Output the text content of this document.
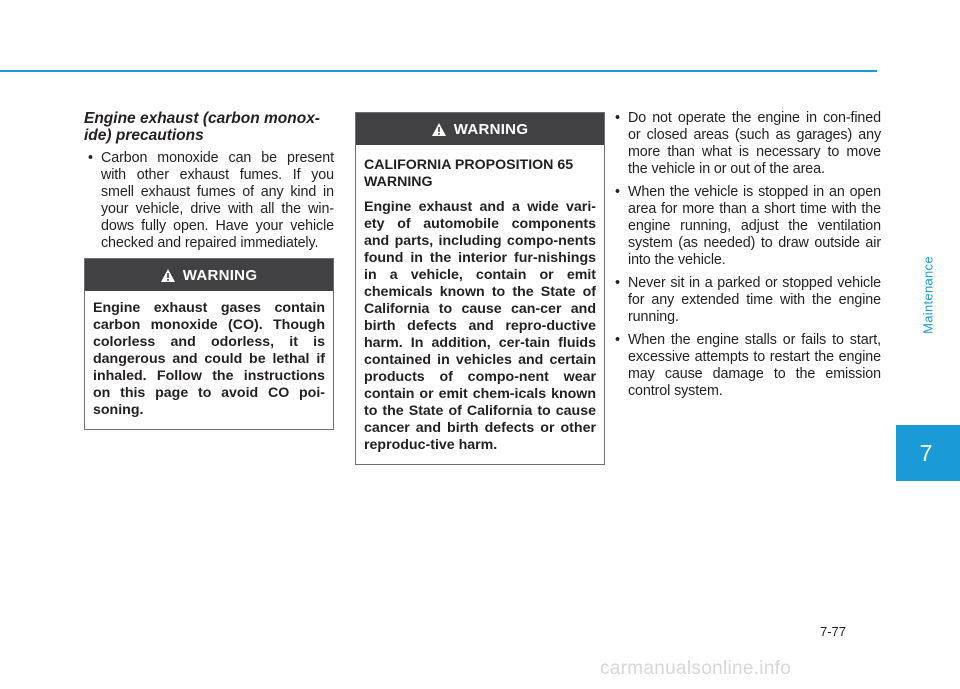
Engine exhaust (carbon monox-ide) precautions
• Carbon monoxide can be present with other exhaust fumes. If you smell exhaust fumes of any kind in your vehicle, drive with all the win-dows fully open. Have your vehicle checked and repaired immediately.
WARNING

Engine exhaust gases contain carbon monoxide (CO). Though colorless and odorless, it is dangerous and could be lethal if inhaled. Follow the instructions on this page to avoid CO poi-soning.

WARNING

CALIFORNIA PROPOSITION 65 WARNING

Engine exhaust and a wide vari-ety of automobile components and parts, including compo-nents found in the interior fur-nishings in a vehicle, contain or emit chemicals known to the State of California to cause can-cer and birth defects and repro-ductive harm. In addition, cer-tain fluids contained in vehicles and certain products of compo-nent wear contain or emit chem-icals known to the State of California to cause cancer and birth defects or other reproduc-tive harm.

• Do not operate the engine in con-fined or closed areas (such as garages) any more than what is necessary to move the vehicle in or out of the area.
• When the vehicle is stopped in an open area for more than a short time with the engine running, adjust the ventilation system (as needed) to draw outside air into the vehicle.
• Never sit in a parked or stopped vehicle for any extended time with the engine running.
• When the engine stalls or fails to start, excessive attempts to restart the engine may cause damage to the emission control system.
Maintenance
7
7-77
carmanualsonline.info
